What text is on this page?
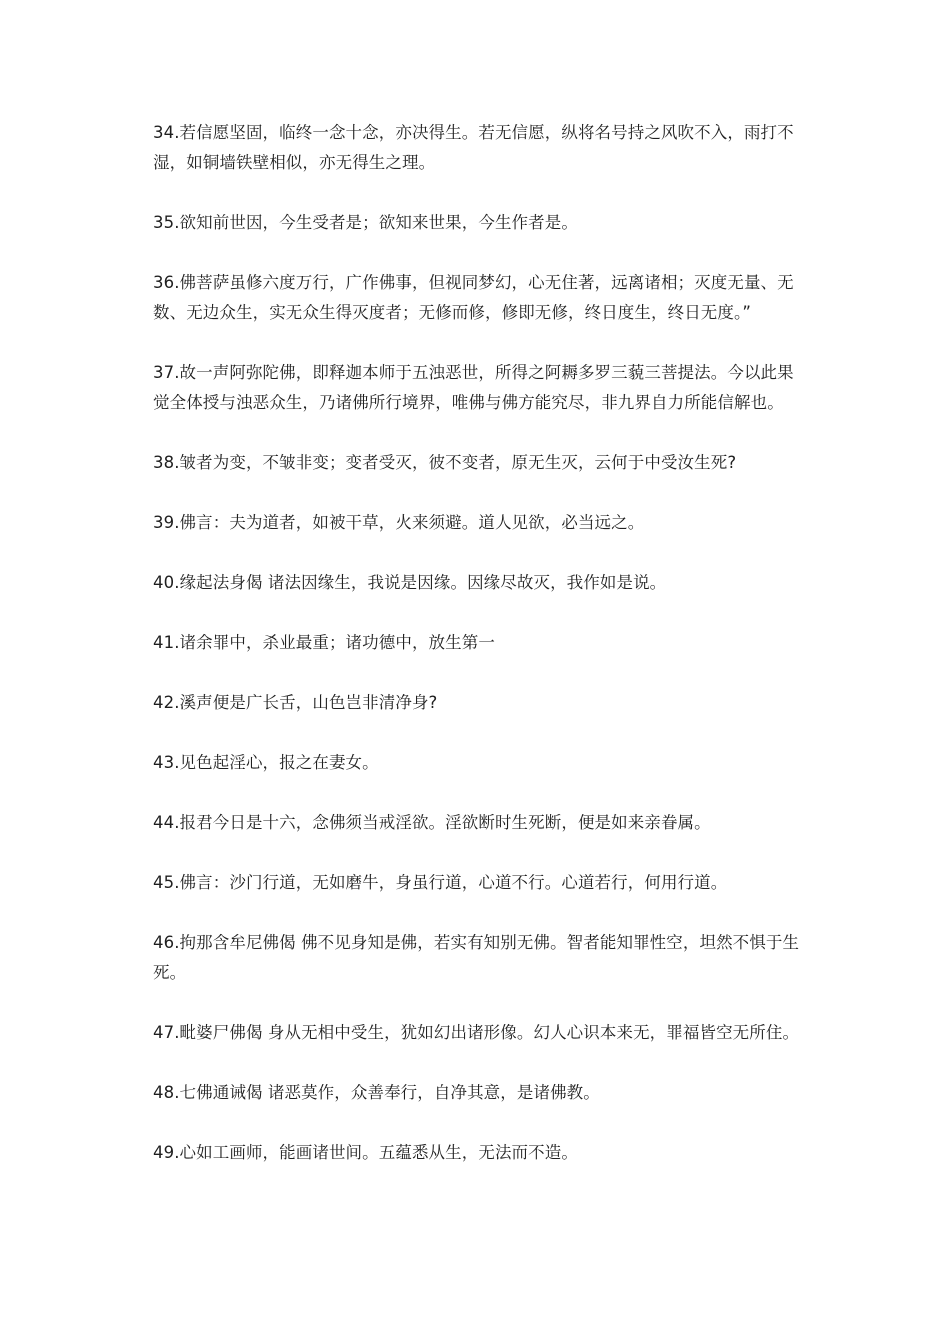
34.若信愿坚固，临终一念十念，亦决得生。若无信愿，纵将名号持之风吹不入，雨打不湿，如铜墙铁壁相似，亦无得生之理。

35.欲知前世因，今生受者是；欲知来世果，今生作者是。

36.佛菩萨虽修六度万行，广作佛事，但视同梦幻，心无住著，远离诸相；灭度无量、无数、无边众生，实无众生得灭度者；无修而修，修即无修，终日度生，终日无度。”

37.故一声阿弥陀佛，即释迦本师于五浊恶世，所得之阿耨多罗三藐三菩提法。今以此果觉全体授与浊恶众生，乃诸佛所行境界，唯佛与佛方能究尽，非九界自力所能信解也。

38.皱者为变，不皱非变；变者受灭，彼不变者，原无生灭，云何于中受汝生死?

39.佛言：夫为道者，如被干草，火来须避。道人见欲，必当远之。

40.缘起法身偈 诸法因缘生，我说是因缘。因缘尽故灭，我作如是说。

41.诸余罪中，杀业最重；诸功德中，放生第一

42.溪声便是广长舌，山色岂非清净身?

43.见色起淫心，报之在妻女。

44.报君今日是十六，念佛须当戒淫欲。淫欲断时生死断，便是如来亲眷属。

45.佛言：沙门行道，无如磨牛，身虽行道，心道不行。心道若行，何用行道。

46.拘那含牟尼佛偈 佛不见身知是佛，若实有知别无佛。智者能知罪性空，坦然不惧于生死。

47.毗婆尸佛偈 身从无相中受生，犹如幻出诸形像。幻人心识本来无，罪福皆空无所住。

48.七佛通诫偈 诸恶莫作，众善奉行，自净其意，是诸佛教。

49.心如工画师，能画诸世间。五蕴悉从生，无法而不造。
